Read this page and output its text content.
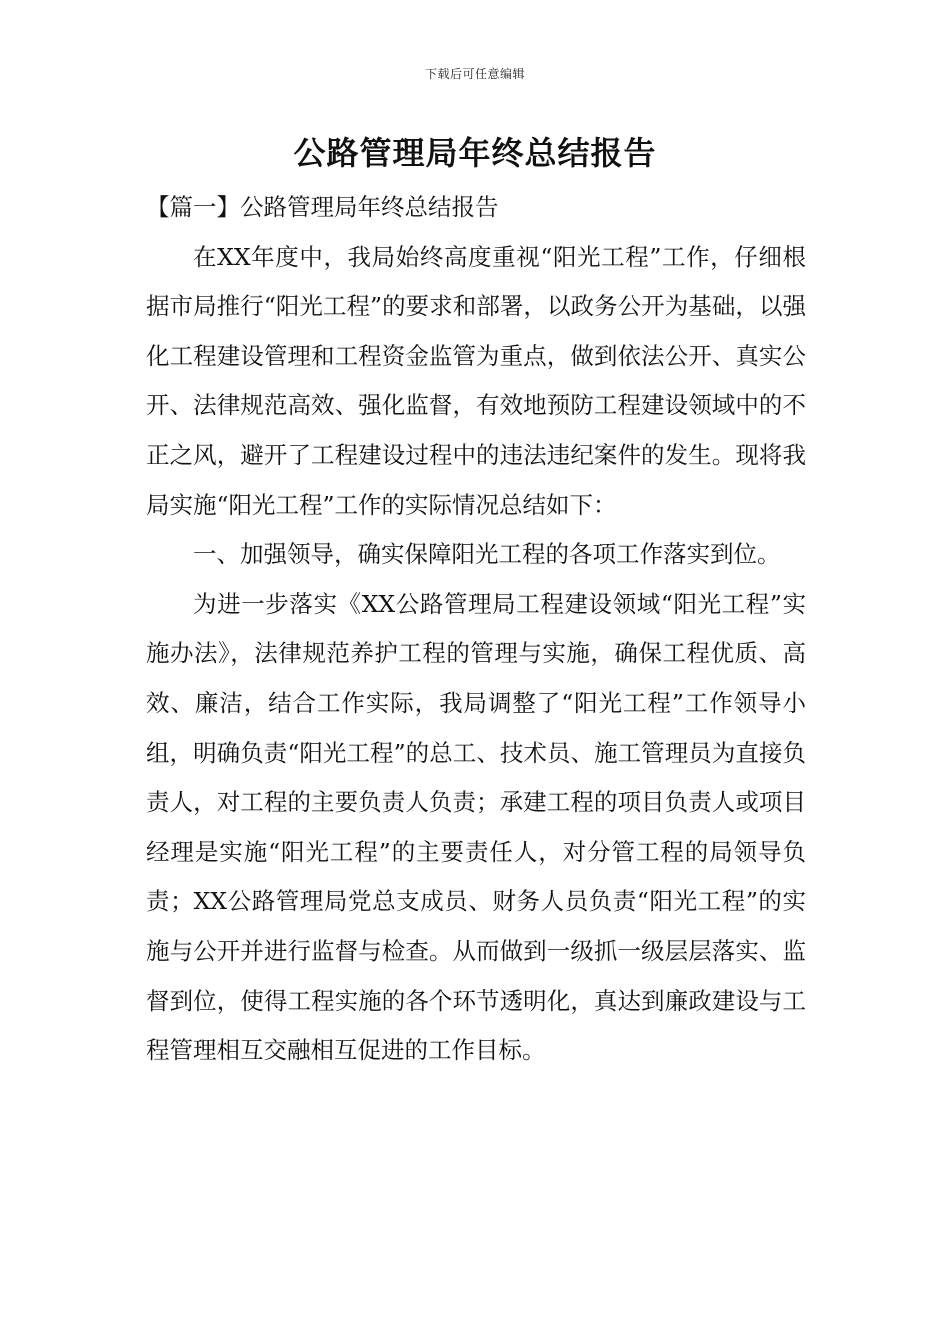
下载后可任意编辑
公路管理局年终总结报告

【篇一】公路管理局年终总结报告

在XX年度中，我局始终高度重视“阳光工程”工作，仔细根据市局推行“阳光工程”的要求和部署，以政务公开为基础，以强化工程建设管理和工程资金监管为重点，做到依法公开、真实公开、法律规范高效、强化监督，有效地预防工程建设领域中的不正之风，避开了工程建设过程中的违法违纪案件的发生。现将我局实施“阳光工程”工作的实际情况总结如下：

一、加强领导，确实保障阳光工程的各项工作落实到位。

为进一步落实《XX公路管理局工程建设领域“阳光工程”实施办法》，法律规范养护工程的管理与实施，确保工程优质、高效、廉洁，结合工作实际，我局调整了“阳光工程”工作领导小组，明确负责“阳光工程”的总工、技术员、施工管理员为直接负责人，对工程的主要负责人负责；承建工程的项目负责人或项目经理是实施“阳光工程”的主要责任人，对分管工程的局领导负责；XX公路管理局党总支成员、财务人员负责“阳光工程”的实施与公开并进行监督与检查。从而做到一级抓一级层层落实、监督到位，使得工程实施的各个环节透明化，真达到廉政建设与工程管理相互交融相互促进的工作目标。
